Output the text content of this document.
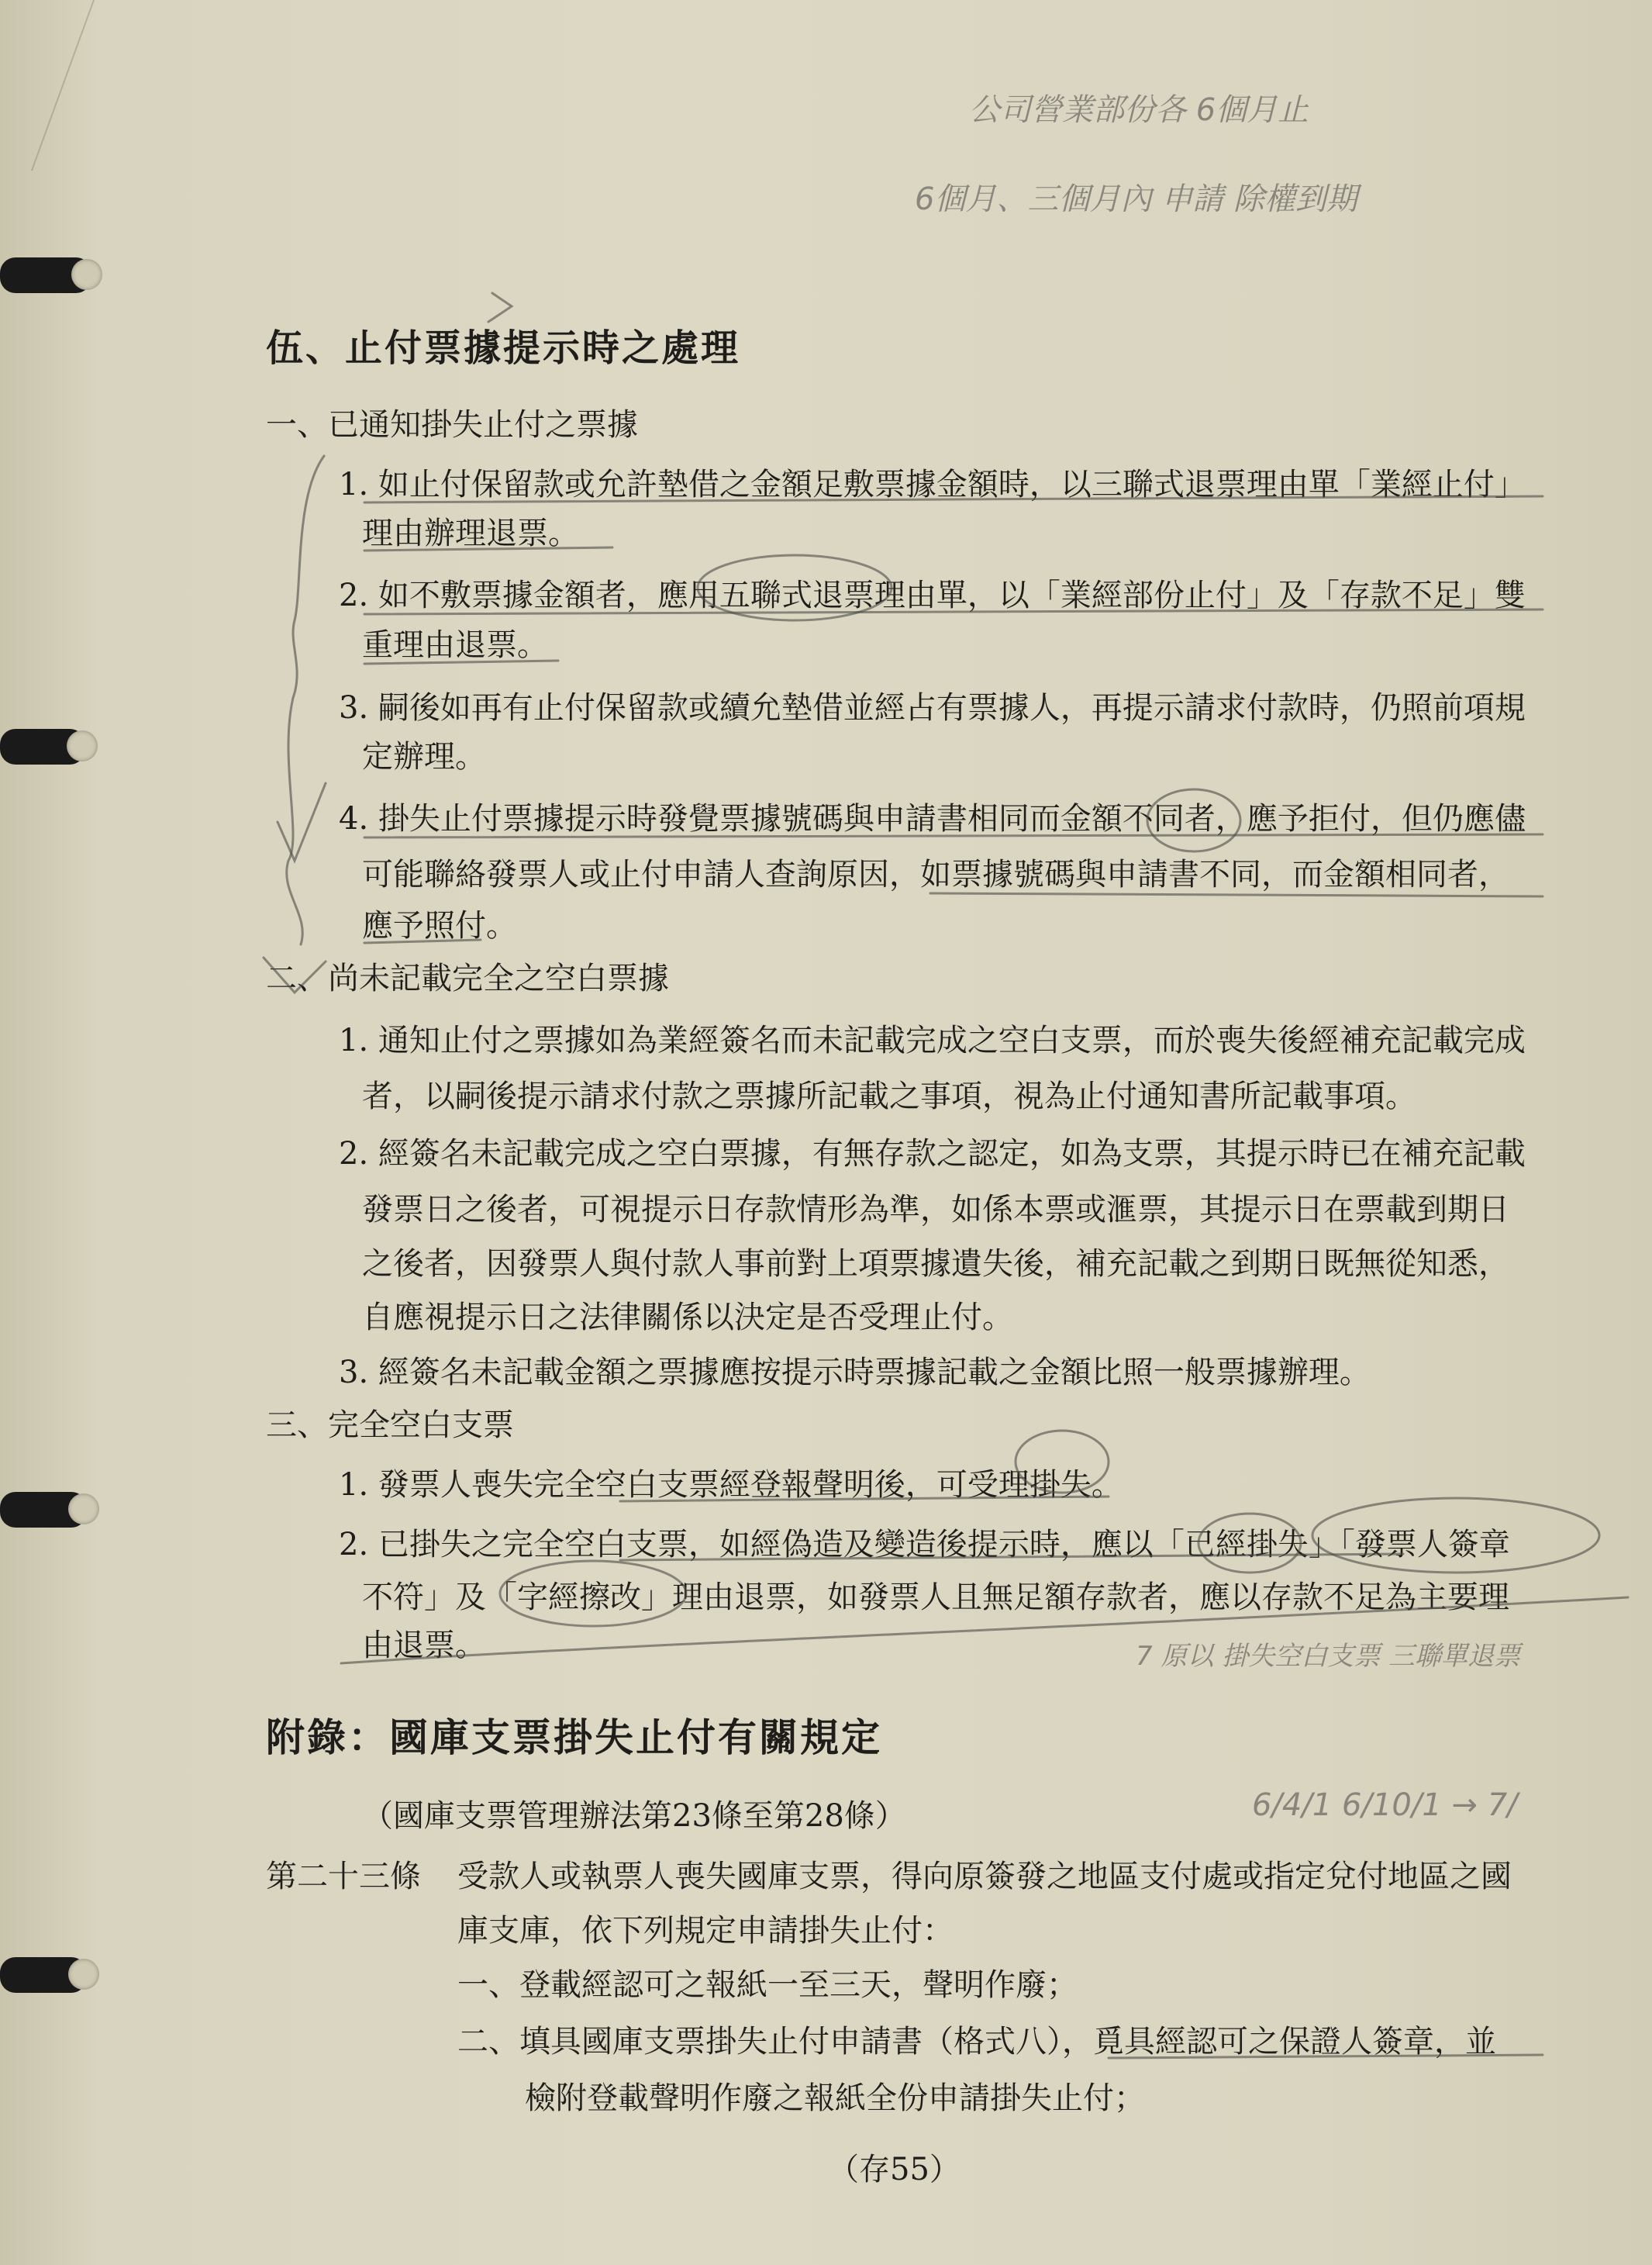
公司營業部份各 6個月止
6個月、三個月內 申請 除權到期
7 原以 掛失空白支票 三聯單退票
6/4/1 6/10/1 → 7/
伍、止付票據提示時之處理
一、已通知掛失止付之票據
1. 如止付保留款或允許墊借之金額足敷票據金額時，以三聯式退票理由單「業經止付」
理由辦理退票。
2. 如不敷票據金額者，應用五聯式退票理由單，以「業經部份止付」及「存款不足」雙
重理由退票。
3. 嗣後如再有止付保留款或續允墊借並經占有票據人，再提示請求付款時，仍照前項規
定辦理。
4. 掛失止付票據提示時發覺票據號碼與申請書相同而金額不同者，應予拒付，但仍應儘
可能聯絡發票人或止付申請人查詢原因，如票據號碼與申請書不同，而金額相同者，
應予照付。
二、尚未記載完全之空白票據
1. 通知止付之票據如為業經簽名而未記載完成之空白支票，而於喪失後經補充記載完成
者，以嗣後提示請求付款之票據所記載之事項，視為止付通知書所記載事項。
2. 經簽名未記載完成之空白票據，有無存款之認定，如為支票，其提示時已在補充記載
發票日之後者，可視提示日存款情形為準，如係本票或滙票，其提示日在票載到期日
之後者，因發票人與付款人事前對上項票據遺失後，補充記載之到期日既無從知悉，
自應視提示日之法律關係以決定是否受理止付。
3. 經簽名未記載金額之票據應按提示時票據記載之金額比照一般票據辦理。
三、完全空白支票
1. 發票人喪失完全空白支票經登報聲明後，可受理掛失。
2. 已掛失之完全空白支票，如經偽造及變造後提示時，應以「已經掛失」「發票人簽章
不符」及「字經擦改」理由退票，如發票人且無足額存款者，應以存款不足為主要理
由退票。
附錄：國庫支票掛失止付有關規定
（國庫支票管理辦法第23條至第28條）
第二十三條 受款人或執票人喪失國庫支票，得向原簽發之地區支付處或指定兌付地區之國
庫支庫，依下列規定申請掛失止付：
一、登載經認可之報紙一至三天，聲明作廢；
二、填具國庫支票掛失止付申請書（格式八），覓具經認可之保證人簽章，並
檢附登載聲明作廢之報紙全份申請掛失止付；
（存55）
